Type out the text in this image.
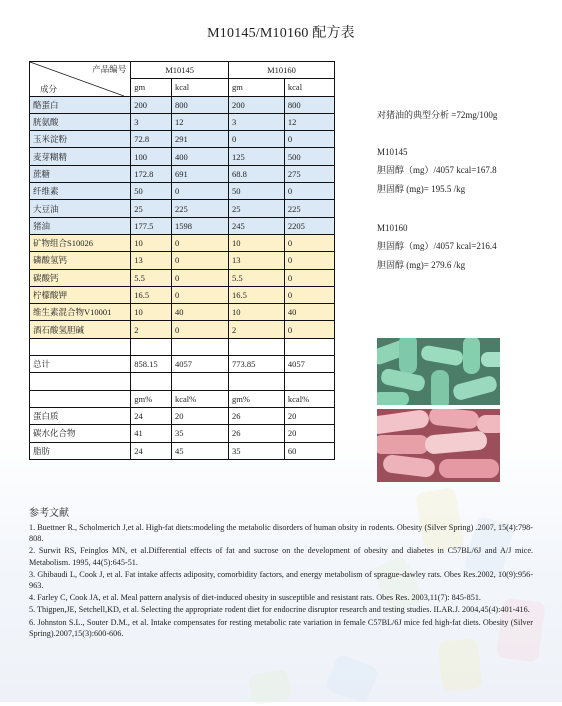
M10145/M10160 配方表
产品编号
成分	M10145		M10160	
	gm	kcal	gm	kcal
酪蛋白	200	800	200	800
胱氨酸	3	12	3	12
玉米淀粉	72.8	291	0	0
麦芽糊精	100	400	125	500
蔗糖	172.8	691	68.8	275
纤维素	50	0	50	0
大豆油	25	225	25	225
猪油	177.5	1598	245	2205
矿物组合S10026	10	0	10	0
磷酸氢钙	13	0	13	0
碳酸钙	5.5	0	5.5	0
柠檬酸钾	16.5	0	16.5	0
维生素混合物V10001	10	40	10	40
酒石酸氢胆碱	2	0	2	0

总计	858.15	4057	773.85	4057

	gm%	kcal%	gm%	kcal%
蛋白质	24	20	26	20
碳水化合物	41	35	26	20
脂肪	24	45	35	60
对猪油的典型分析 =72mg/100g
M10145
胆固醇（mg）/4057 kcal=167.8
胆固醇 (mg)= 195.5 /kg
M10160
胆固醇（mg）/4057 kcal=216.4
胆固醇 (mg)= 279.6 /kg
参考文献
1. Buettner R., Scholmerich J,et al. High-fat diets:modeling the metabolic disorders of human obsity in rodents. Obesity (Silver Spring) .2007, 15(4):798-808.
2. Surwit RS, Feinglos MN, et al.Differential effects of fat and sucrose on the development of obesity and diabetes in C57BL/6J and A/J mice. Metabolism. 1995, 44(5):645-51.
3. Ghibaudi L, Cook J, et al. Fat intake affects adiposity, comorbidity factors, and energy metabolism of sprague-dawley rats. Obes Res.2002, 10(9):956-963.
4. Farley C, Cook JA, et al. Meal pattern analysis of diet-induced obesity in susceptible and resistant rats. Obes Res. 2003,11(7): 845-851.
5. Thigpen,JE, Setchell,KD, et al. Selecting the appropriate rodent diet for endocrine disruptor research and testing studies. ILAR.J. 2004,45(4):401-416.
6. Johnston S.L., Souter D.M., et al. Intake compensates for resting metabolic rate variation in female C57BL/6J mice fed high-fat diets. Obesity (Silver Spring).2007,15(3):600-606.
